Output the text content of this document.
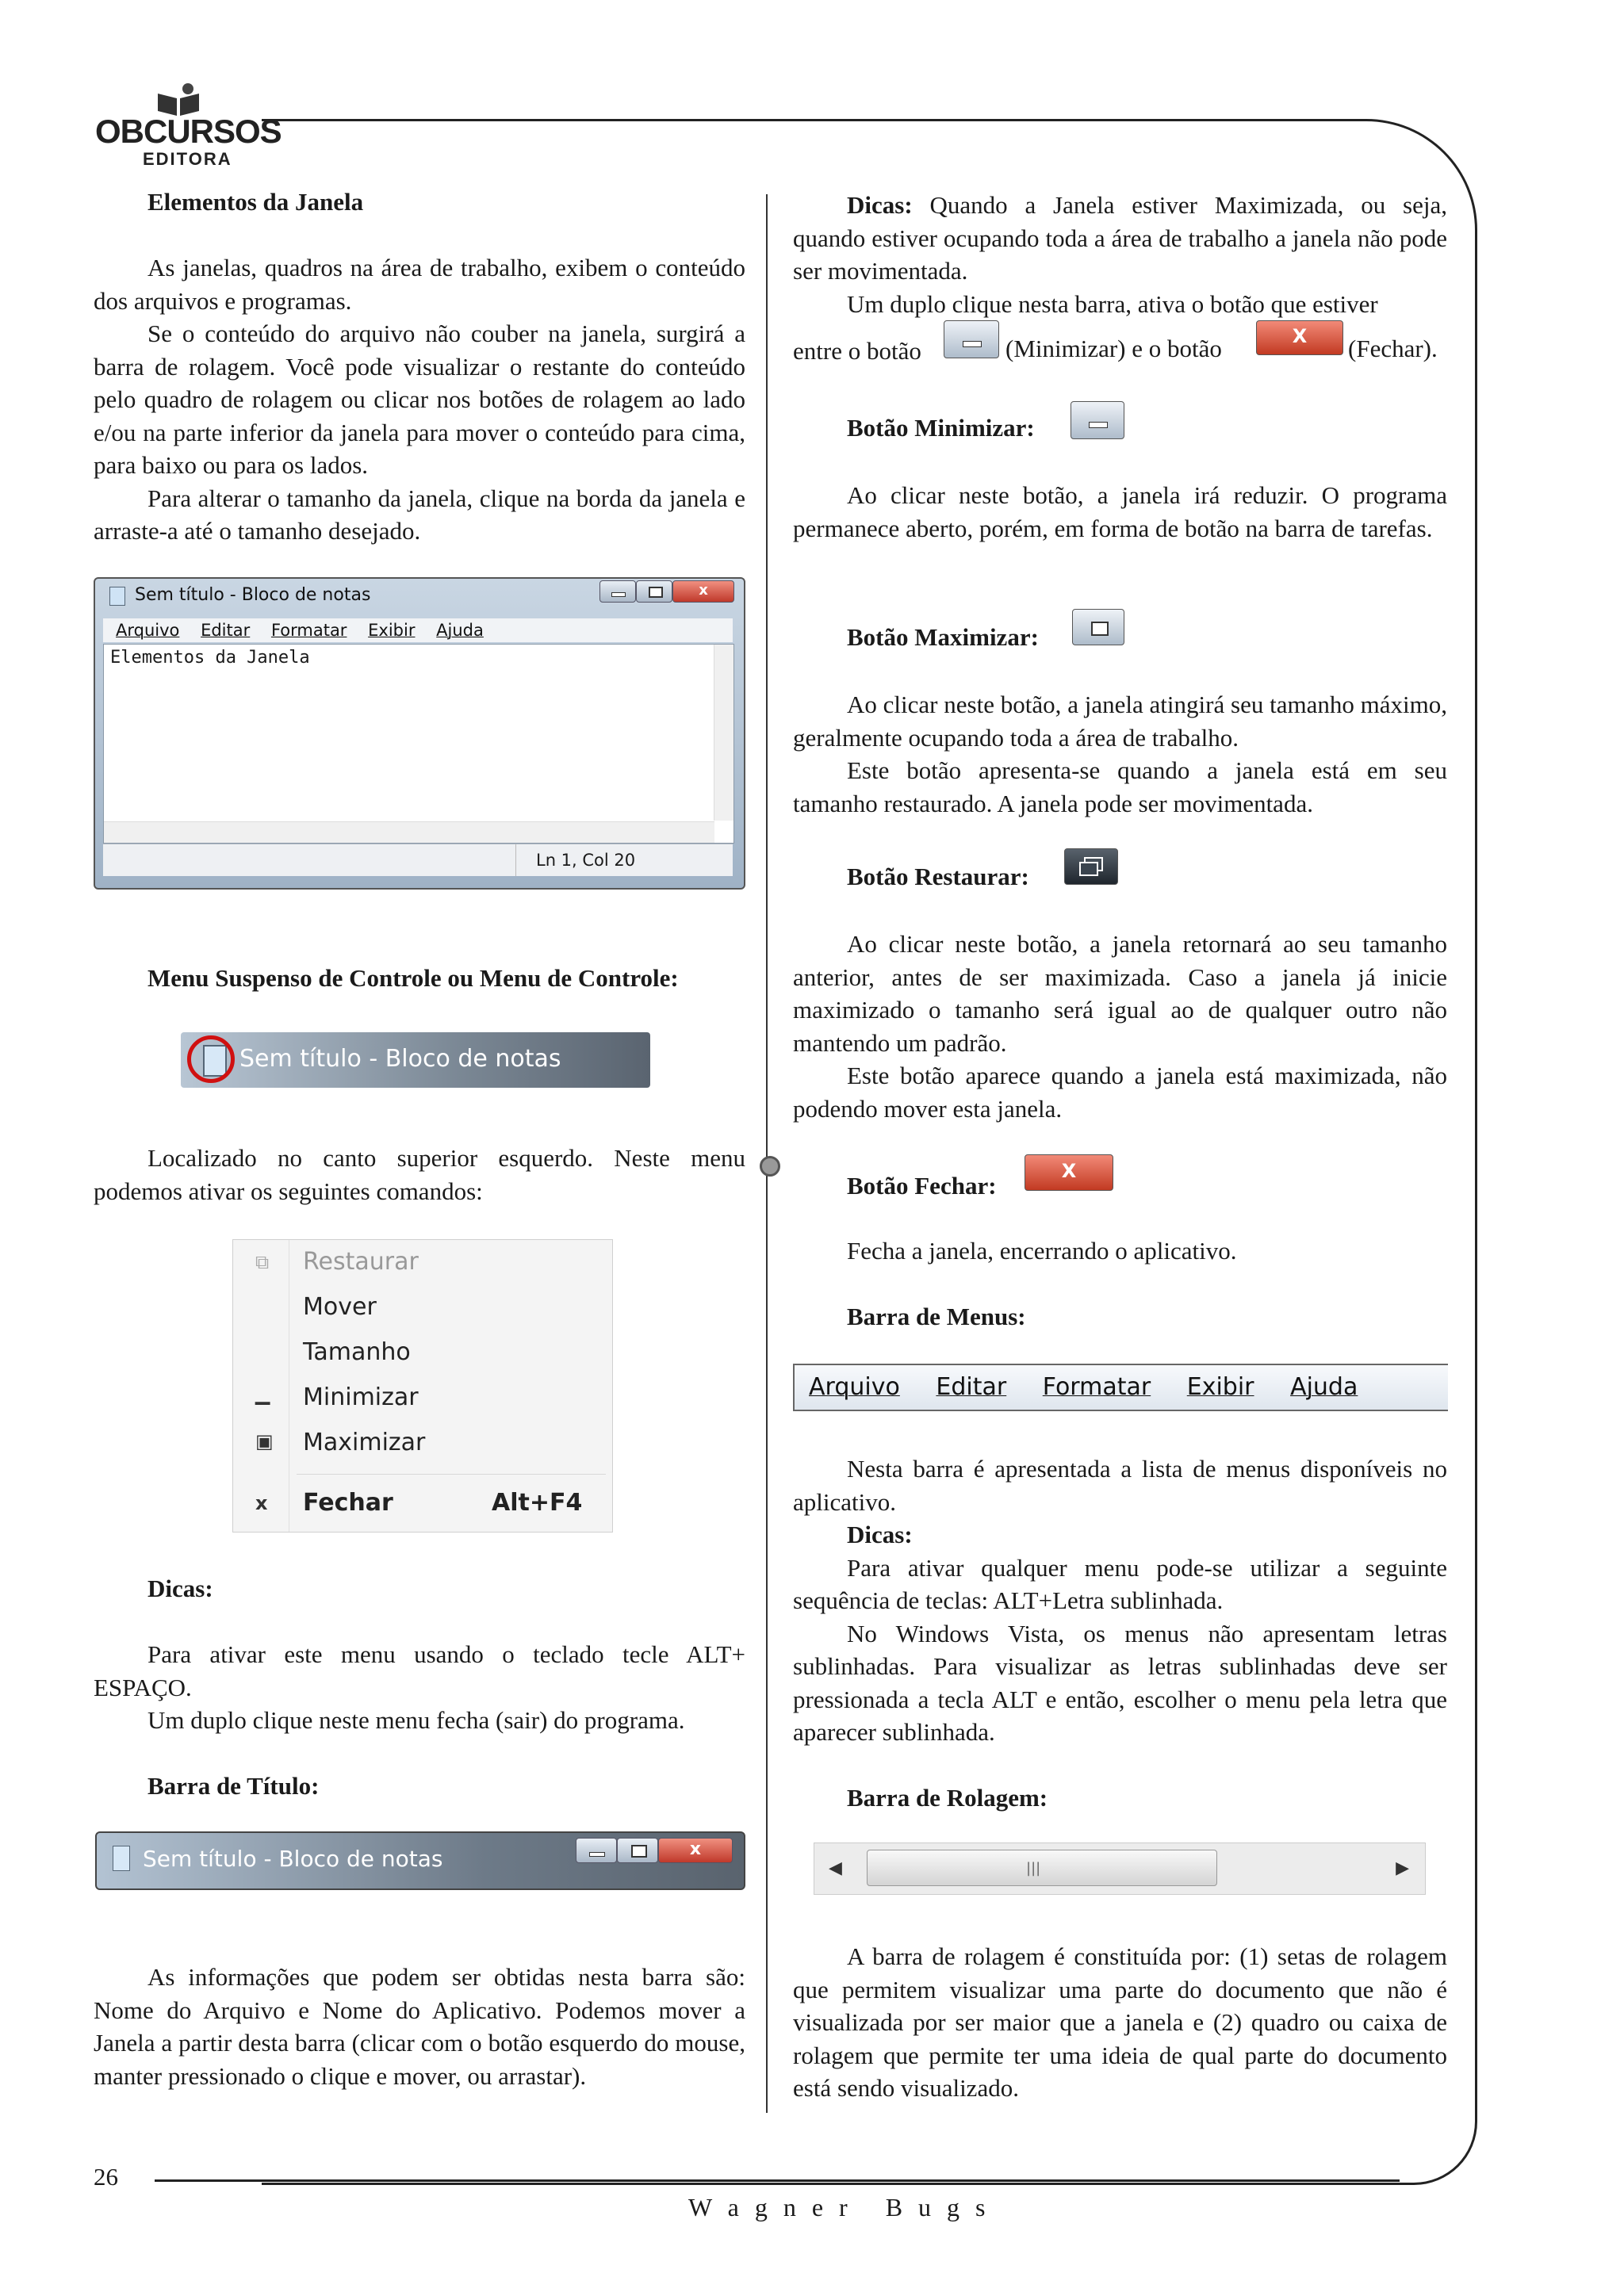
OBCURSOS
EDITORA

Elementos da Janela

As janelas, quadros na área de trabalho, exibem o conteúdo dos arquivos e programas.

Se o conteúdo do arquivo não couber na janela, surgirá a barra de rolagem. Você pode visualizar o restante do conteúdo pelo quadro de rolagem ou clicar nos botões de rolagem ao lado e/ou na parte inferior da janela para mover o conteúdo para cima, para baixo ou para os lados.

Para alterar o tamanho da janela, clique na borda da janela e arraste-a até o tamanho desejado.

Sem título - Bloco de notas	x
Arquivo Editar Formatar Exibir Ajuda
Elementos da Janela
Ln 1, Col 20

Menu Suspenso de Controle ou Menu de Controle:

Sem título - Bloco de notas

Localizado no canto superior esquerdo. Neste menu podemos ativar os seguintes comandos:

⧉ Restaurar
Mover
Tamanho
▁ Minimizar
▣ Maximizar
x Fechar	Alt+F4

Dicas:

Para ativar este menu usando o teclado tecle ALT+ ESPAÇO.

Um duplo clique neste menu fecha (sair) do programa.

Barra de Título:

Sem título - Bloco de notas	x

As informações que podem ser obtidas nesta barra são: Nome do Arquivo e Nome do Aplicativo. Podemos mover a Janela a partir desta barra (clicar com o botão esquerdo do mouse, manter pressionado o clique e mover, ou arrastar).

Dicas: Quando a Janela estiver Maximizada, ou seja, quando estiver ocupando toda a área de trabalho a janela não pode ser movimentada.

Um duplo clique nesta barra, ativa o botão que estiver

entre o botão	(Minimizar) e o botão	X	(Fechar).
Botão Minimizar:

Ao clicar neste botão, a janela irá reduzir. O programa permanece aberto, porém, em forma de botão na barra de tarefas.

Botão Maximizar:

Ao clicar neste botão, a janela atingirá seu tamanho máximo, geralmente ocupando toda a área de trabalho.

Este botão apresenta-se quando a janela está em seu tamanho restaurado. A janela pode ser movimentada.

Botão Restaurar:

Ao clicar neste botão, a janela retornará ao seu tamanho anterior, antes de ser maximizada. Caso a janela já inicie maximizado o tamanho será igual ao de qualquer outro não mantendo um padrão.

Este botão aparece quando a janela está maximizada, não podendo mover esta janela.

Botão Fechar:
X

Fecha a janela, encerrando o aplicativo.

Barra de Menus:

Arquivo Editar Formatar Exibir Ajuda

Nesta barra é apresentada a lista de menus disponíveis no aplicativo.

Dicas:

Para ativar qualquer menu pode-se utilizar a seguinte sequência de teclas: ALT+Letra sublinhada.

No Windows Vista, os menus não apresentam letras sublinhadas. Para visualizar as letras sublinhadas deve ser pressionada a tecla ALT e então, escolher o menu pela letra que aparecer sublinhada.

Barra de Rolagem:

◀	|||	▶

A barra de rolagem é constituída por: (1) setas de rolagem que permitem visualizar uma parte do documento que não é visualizada por ser maior que a janela e (2) quadro ou caixa de rolagem que permite ter uma ideia de qual parte do documento está sendo visualizado.

26
W a g n e r   B u g s
